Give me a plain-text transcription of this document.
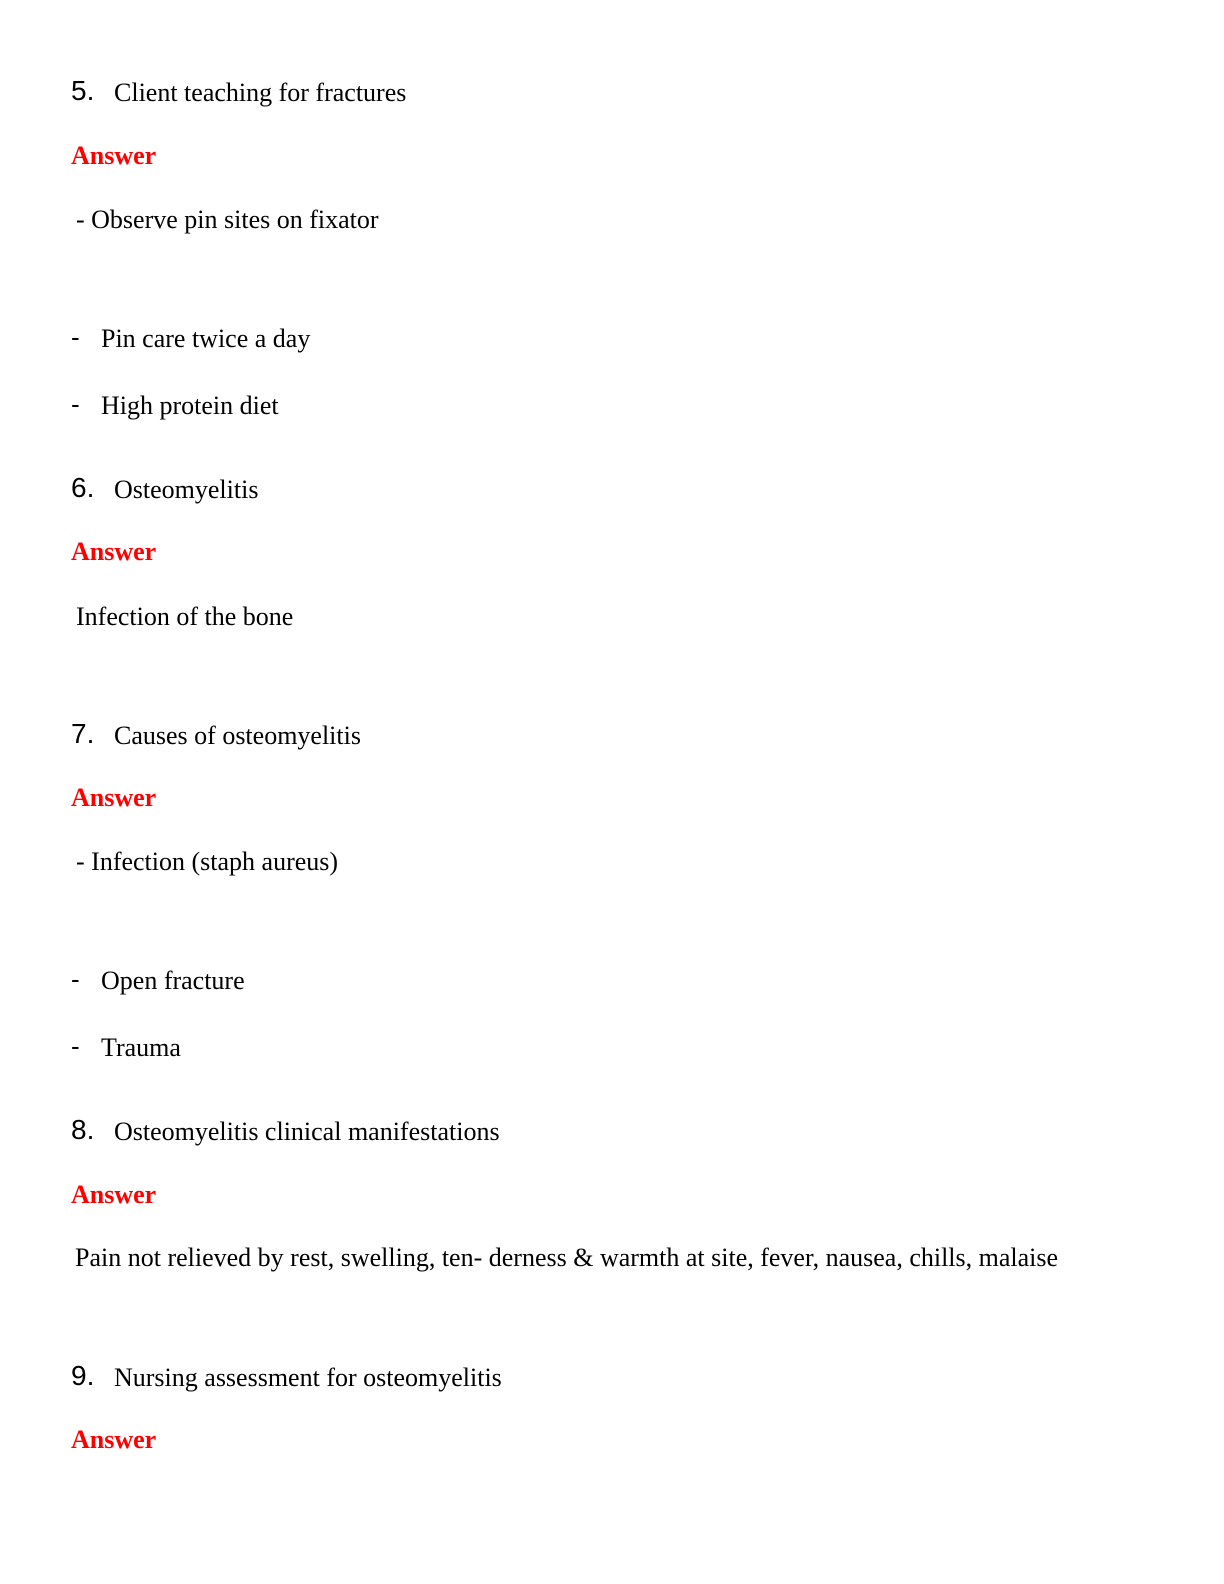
5. Client teaching for fractures
Answer
- Observe pin sites on fixator
- Pin care twice a day
- High protein diet
6. Osteomyelitis
Answer
Infection of the bone
7. Causes of osteomyelitis
Answer
- Infection (staph aureus)
- Open fracture
- Trauma
8. Osteomyelitis clinical manifestations
Answer
Pain not relieved by rest, swelling, ten- derness & warmth at site, fever, nausea, chills, malaise
9. Nursing assessment for osteomyelitis
Answer
